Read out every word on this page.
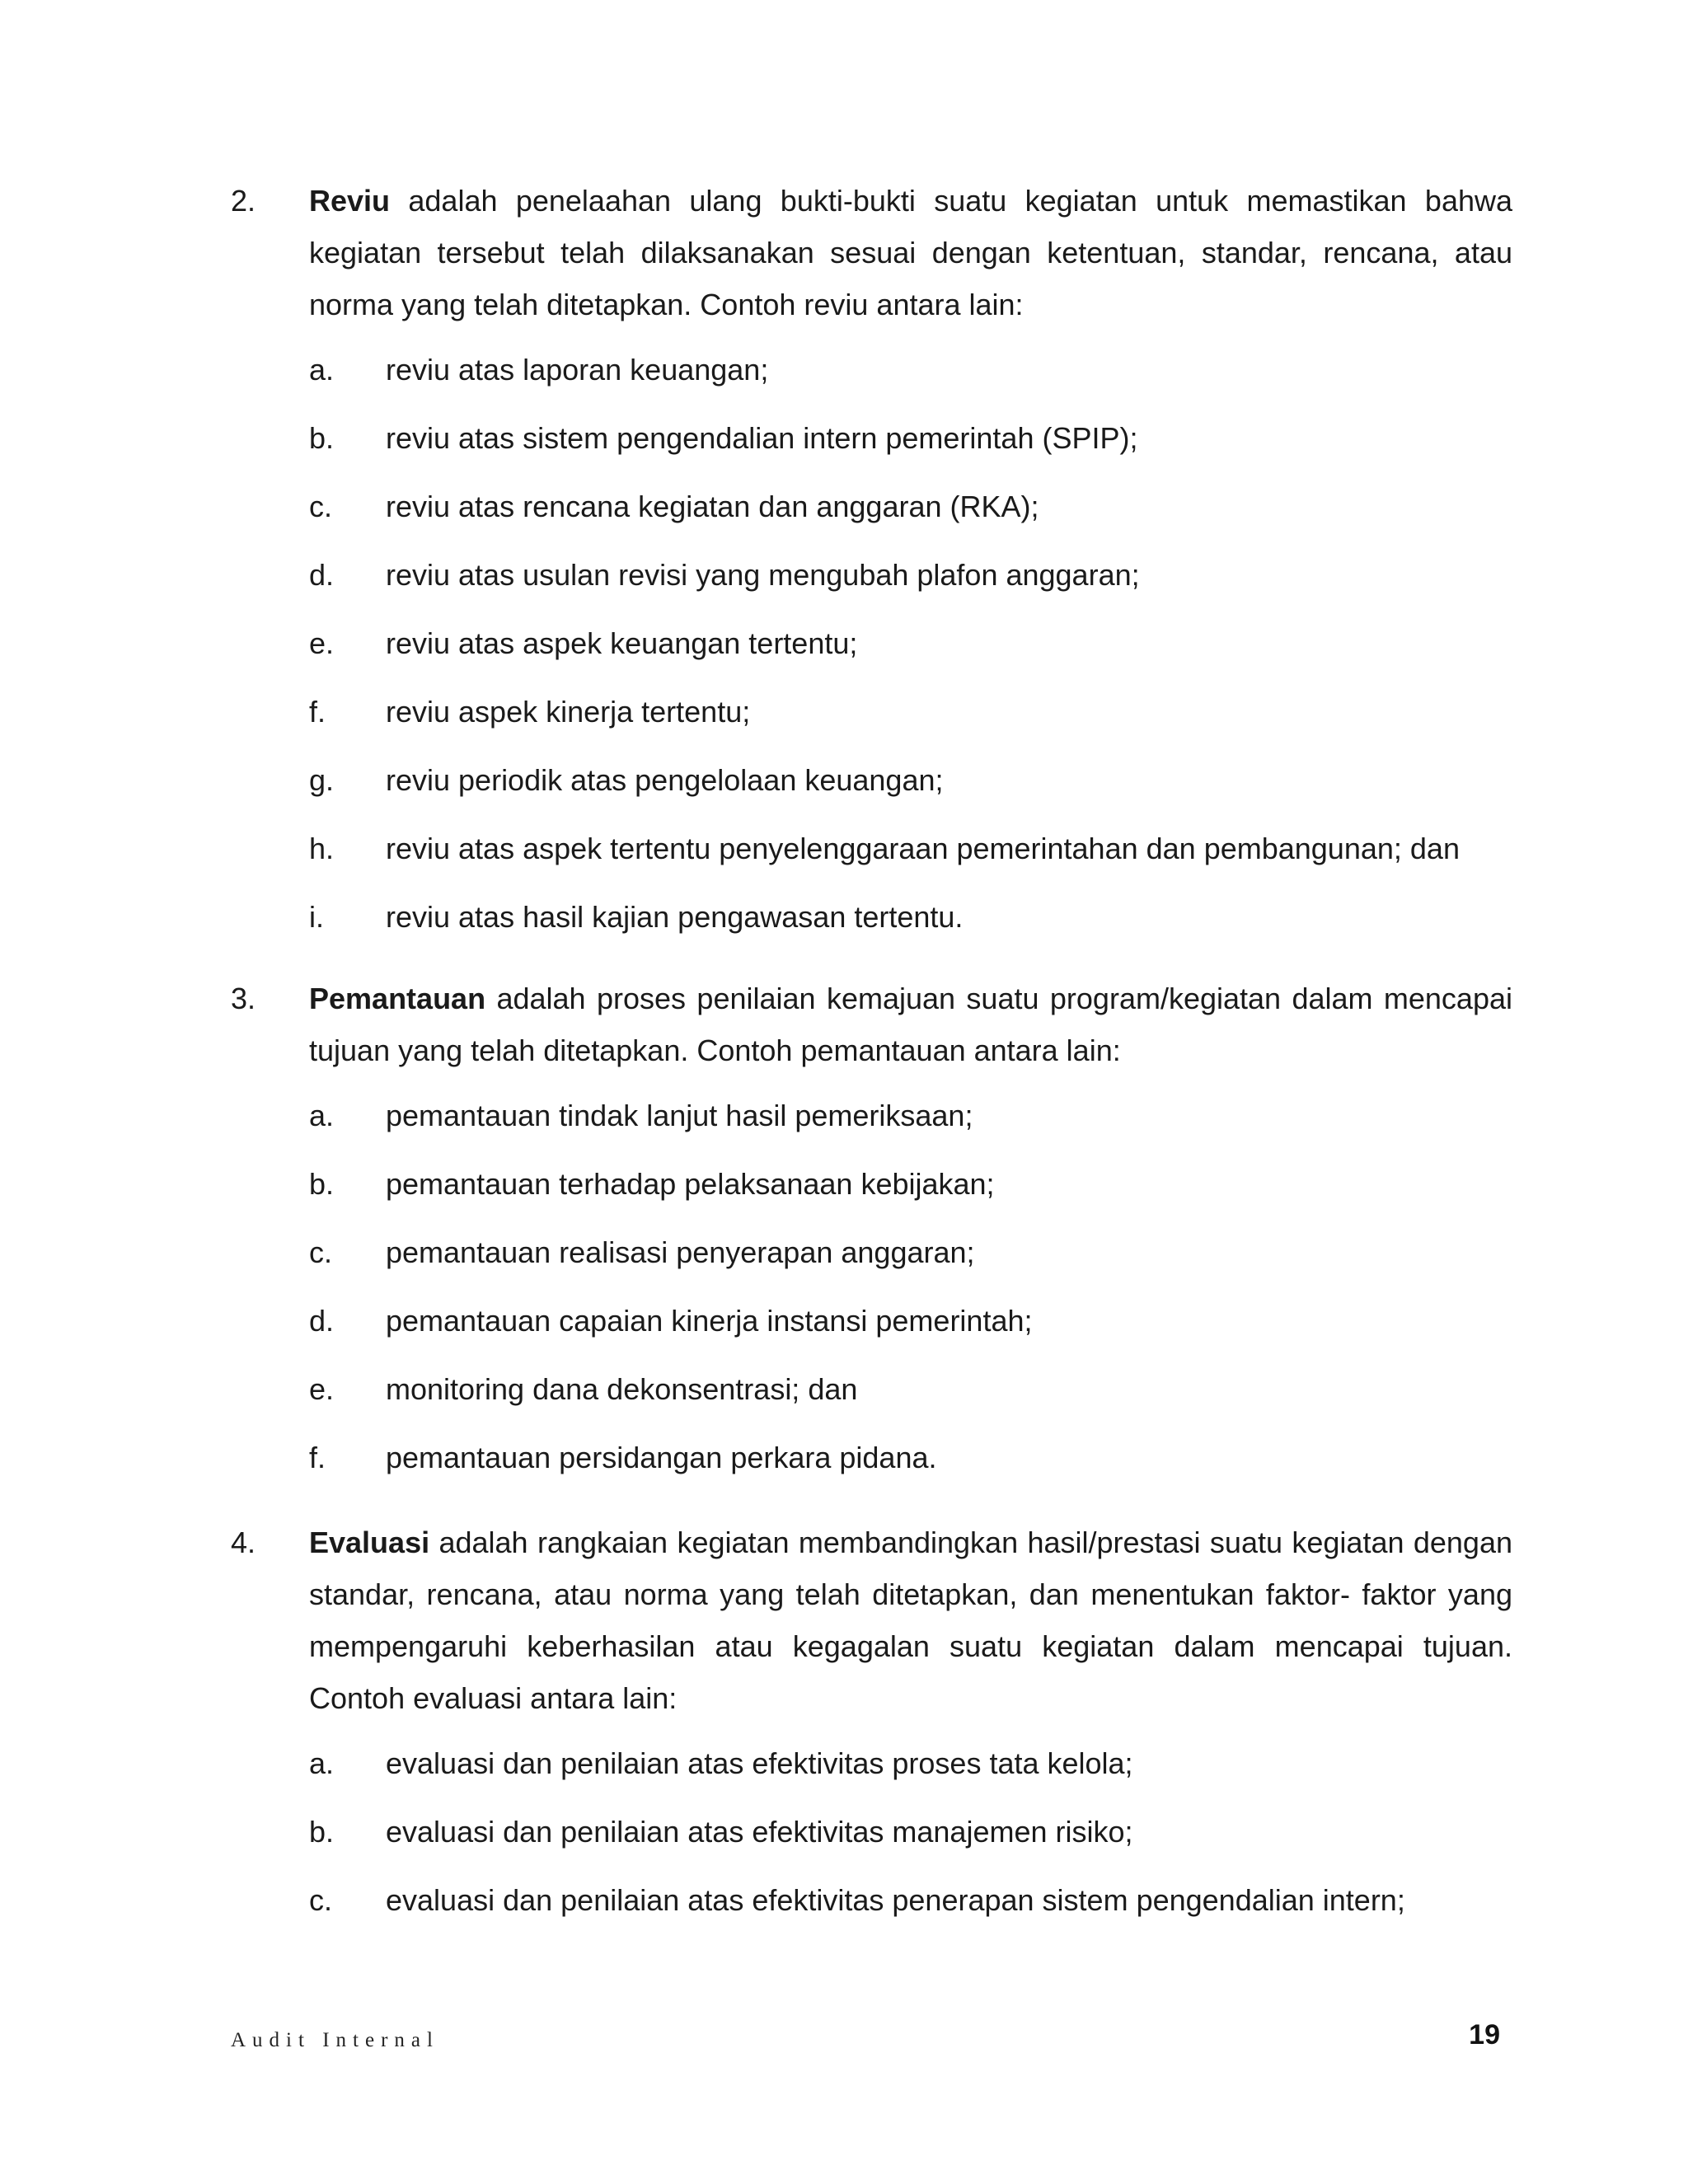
2. Reviu adalah penelaahan ulang bukti-bukti suatu kegiatan untuk memastikan bahwa kegiatan tersebut telah dilaksanakan sesuai dengan ketentuan, standar, rencana, atau norma yang telah ditetapkan. Contoh reviu antara lain:

a. reviu atas laporan keuangan;
b. reviu atas sistem pengendalian intern pemerintah (SPIP);
c. reviu atas rencana kegiatan dan anggaran (RKA);
d. reviu atas usulan revisi yang mengubah plafon anggaran;
e. reviu atas aspek keuangan tertentu;
f. reviu aspek kinerja tertentu;
g. reviu periodik atas pengelolaan keuangan;
h. reviu atas aspek tertentu penyelenggaraan pemerintahan dan pembangunan; dan
i. reviu atas hasil kajian pengawasan tertentu.
3. Pemantauan adalah proses penilaian kemajuan suatu program/kegiatan dalam mencapai tujuan yang telah ditetapkan. Contoh pemantauan antara lain:

a. pemantauan tindak lanjut hasil pemeriksaan;
b. pemantauan terhadap pelaksanaan kebijakan;
c. pemantauan realisasi penyerapan anggaran;
d. pemantauan capaian kinerja instansi pemerintah;
e. monitoring dana dekonsentrasi; dan
f. pemantauan persidangan perkara pidana.
4. Evaluasi adalah rangkaian kegiatan membandingkan hasil/prestasi suatu kegiatan dengan standar, rencana, atau norma yang telah ditetapkan, dan menentukan faktor- faktor yang mempengaruhi keberhasilan atau kegagalan suatu kegiatan dalam mencapai tujuan. Contoh evaluasi antara lain:

a. evaluasi dan penilaian atas efektivitas proses tata kelola;
b. evaluasi dan penilaian atas efektivitas manajemen risiko;
c. evaluasi dan penilaian atas efektivitas penerapan sistem pengendalian intern;
Audit Internal	19
